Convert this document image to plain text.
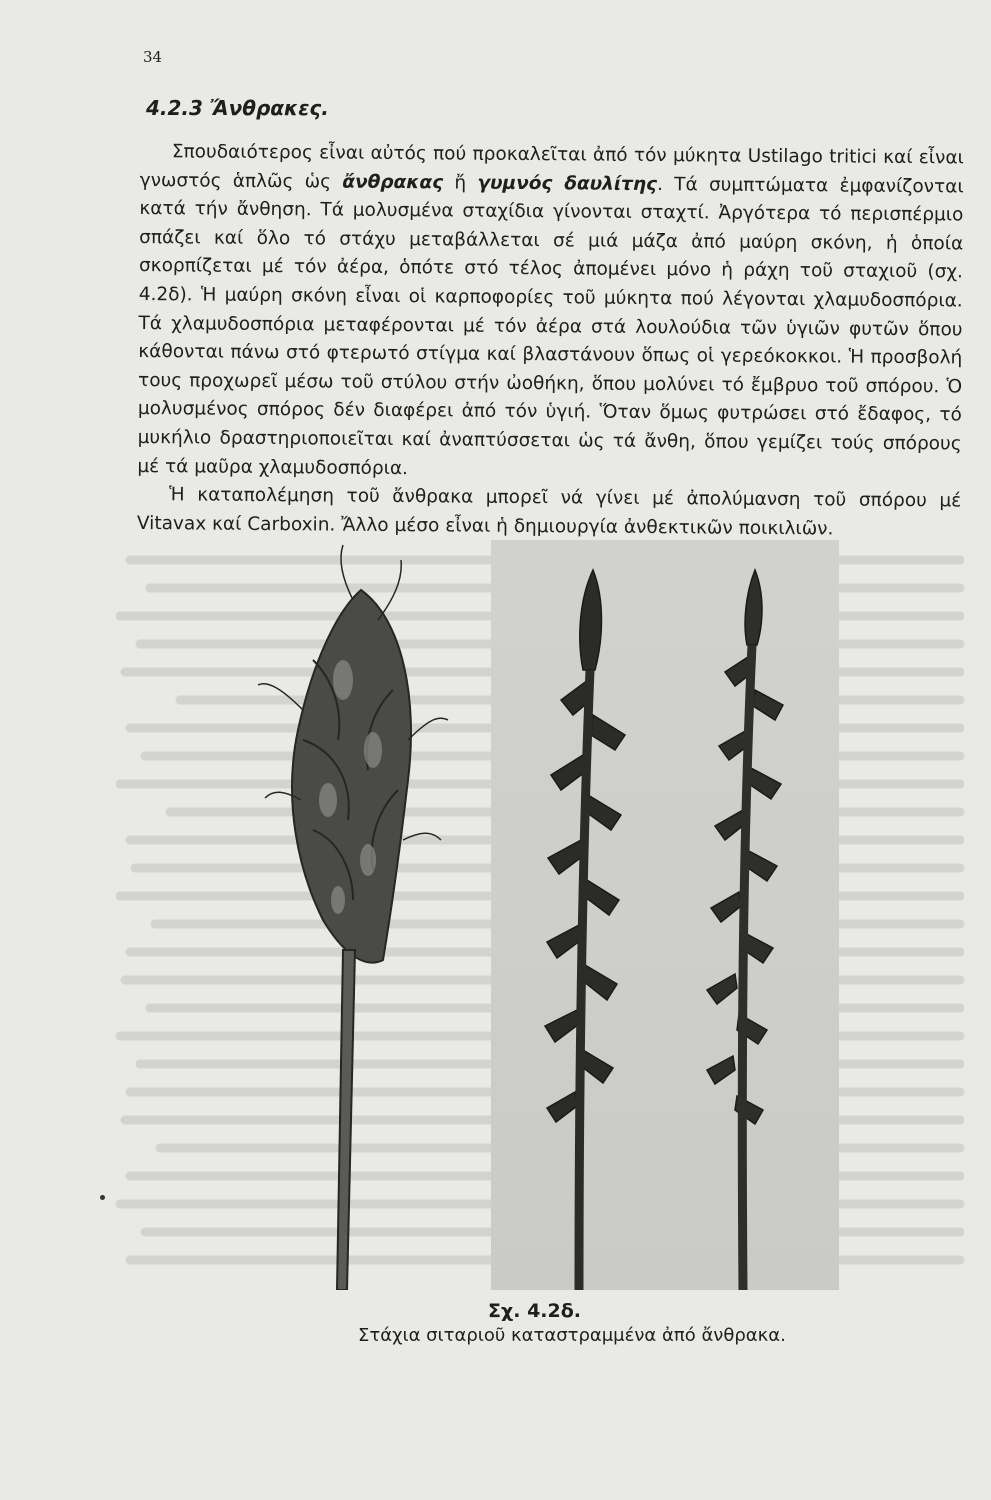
34
4.2.3 Ἄνθρακες.

Σπουδαιότερος εἶναι αὐτός πού προκαλεῖται ἀπό τόν μύκητα Ustilago tritici καί εἶναι γνωστός ἁπλῶς ὡς ἄνθρακας ἤ γυμνός δαυλίτης. Τά συμπτώματα ἐμφανίζονται κατά τήν ἄνθηση. Τά μολυσμένα σταχίδια γίνονται σταχτί. Ἀργότερα τό περισπέρμιο σπάζει καί ὅλο τό στάχυ μεταβάλλεται σέ μιά μάζα ἀπό μαύρη σκόνη, ἡ ὁποία σκορπίζεται μέ τόν ἀέρα, ὁπότε στό τέλος ἀπομένει μόνο ἡ ράχη τοῦ σταχιοῦ (σχ. 4.2δ). Ἡ μαύρη σκόνη εἶναι οἱ καρποφορίες τοῦ μύκητα πού λέγονται χλαμυδοσπόρια. Τά χλαμυδοσπόρια μεταφέρονται μέ τόν ἀέρα στά λουλούδια τῶν ὑγιῶν φυτῶν ὅπου κάθονται πάνω στό φτερωτό στίγμα καί βλαστάνουν ὅπως οἱ γερεόκοκκοι. Ἡ προσβολή τους προχωρεῖ μέσω τοῦ στύλου στήν ὠοθήκη, ὅπου μολύνει τό ἔμβρυο τοῦ σπόρου. Ὁ μολυσμένος σπόρος δέν διαφέρει ἀπό τόν ὑγιή. Ὅταν ὅμως φυτρώσει στό ἔδαφος, τό μυκήλιο δραστηριοποιεῖται καί ἀναπτύσσεται ὡς τά ἄνθη, ὅπου γεμίζει τούς σπόρους μέ τά μαῦρα χλαμυδοσπόρια.

Ἡ καταπολέμηση τοῦ ἄνθρακα μπορεῖ νά γίνει μέ ἀπολύμανση τοῦ σπόρου μέ Vitavax καί Carboxin. Ἄλλο μέσο εἶναι ἡ δημιουργία ἀνθεκτικῶν ποικιλιῶν.

Σχ. 4.2δ.
Στάχια σιταριοῦ καταστραμμένα ἀπό ἄνθρακα.
